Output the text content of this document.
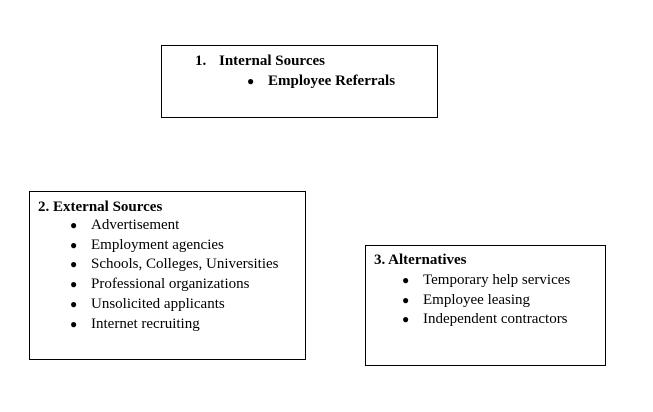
1. Internal Sources
● Employee Referrals
2. External Sources
● Advertisement
● Employment agencies
● Schools, Colleges, Universities
● Professional organizations
● Unsolicited applicants
● Internet recruiting
3. Alternatives
● Temporary help services
● Employee leasing
● Independent contractors
